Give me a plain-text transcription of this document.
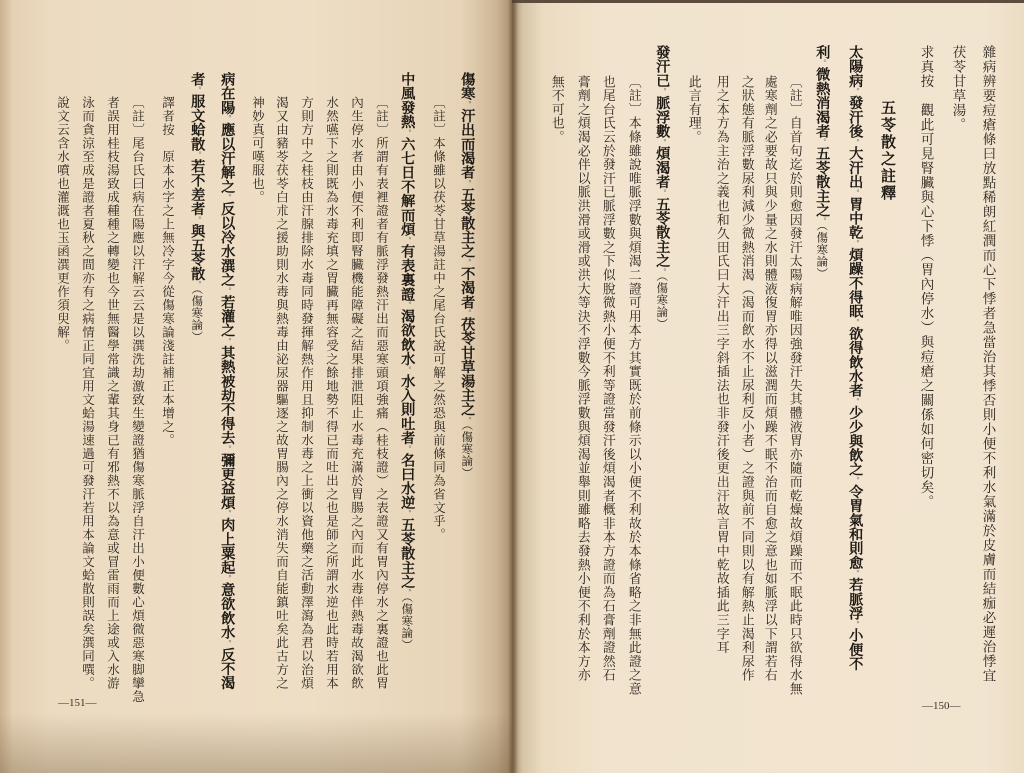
傷寒。汗出而渴者。五苓散主之。不渴者。茯苓甘草湯主之。（傷寒論）
〔註〕本條雖以茯苓甘草湯註中之尾台氏說可解之然恐與前條同為省文乎。
中風發熱。六七日不解而煩。有表裏證。渴欲飲水。水入則吐者。名曰水逆。五苓散主之。（傷寒論）
〔註〕所謂有表裡證者有脈浮發熱汗出而惡寒頭項強痛（桂枝證）之表證又有胃內停水之裏證也此胃
內生停水者由小便不利即腎臟機能障礙之結果排泄阻止水毒充滿於胃腸之內而此水毒伴熱毒故渴欲飲
水然嚥下之則既為水毒充填之胃臟再無容受之餘地勢不得已而吐出之也是師之所謂水逆也此時若用本
方則方中之桂枝由汗腺排除水毒同時發揮解熱作用且抑制水毒之上衝以資他藥之活動澤瀉為君以治煩
渴又由豬苓茯苓白朮之援助則水毒與熱毒由泌尿器驅逐之故胃腸內之停水消失而自能鎮吐矣此古方之
神妙真可嘆服也。
病在陽。應以汗解之。反以冷水潠之。若灌之。其熱被劫不得去。彌更益煩。肉上粟起。意欲飲水。反不渴
者。服文蛤散。若不差者。與五苓散。（傷寒論）
譯者按　原本水字之上無冷字今從傷寒論淺註補正本增之。
〔註〕尾台氏曰病在陽應以汗解云云是以潠洗劫激致生變證猶傷寒脈浮自汗出小便數心煩微惡寒脚攣急
者誤用桂枝湯致成種種之轉變也今世無醫學常識之輩其身已有邪熱不以為意或冒雷雨而上途或入水游
泳而貪涼至成是證者夏秋之間亦有之病情正同宜用文蛤湯速過可發汗若用本論文蛤散則誤矣潠同噀。
說文云含水噴也灌溉也玉函潠更作須臾解。
—151—
雜病辨要痘瘡條曰放點稀朗紅潤而心下悸者急當治其悸否則小便不利水氣滿於皮膚而結痂必遲治悸宜
茯苓甘草湯。
求真按　觀此可見腎臟與心下悸（胃內停水）與痘瘡之關係如何密切矣。
五苓散之註釋
太陽病。發汗後。大汗出。胃中乾。煩躁不得眠。欲得飲水者。少少與飲之。令胃氣和則愈。若脈浮。小便不
利。微熱消渴者。五苓散主之。（傷寒論）
〔註〕自首句迄於則愈因發汗太陽病解唯因強發汗失其體液胃亦隨而乾燥故煩躁而不眠此時只欲得水無
處寒劑之必要故只與少量之水則體液復胃亦得以滋潤而煩躁不眠不治而自愈之意也如脈浮以下謂若右
之狀態有脈浮數尿利減少微熱消渴（渴而飲水不止尿利反小者）之證與前不同則以有解熱止渴利尿作
用之本方為主治之義也和久田氏曰大汗出三字斜插法也非發汗後更出汗故言胃中乾故插此三字耳
此言有理。
發汗已。脈浮數。煩渴者。五苓散主之。（傷寒論）
〔註〕本條雖說唯脈浮數與煩渴二證可用本方其實既於前條示以小便不利故於本條省略之非無此證之意
也尾台氏云於發汗已脈浮數之下似脫微熱小便不利等證當發汗後煩渴者概非本方證而為石膏劑證然石
膏劑之煩渴必伴以脈洪滑或滑或洪大等決不浮數今脈浮數與煩渴並舉則雖略去發熱小便不利於本方亦
無不可也。
—150—
